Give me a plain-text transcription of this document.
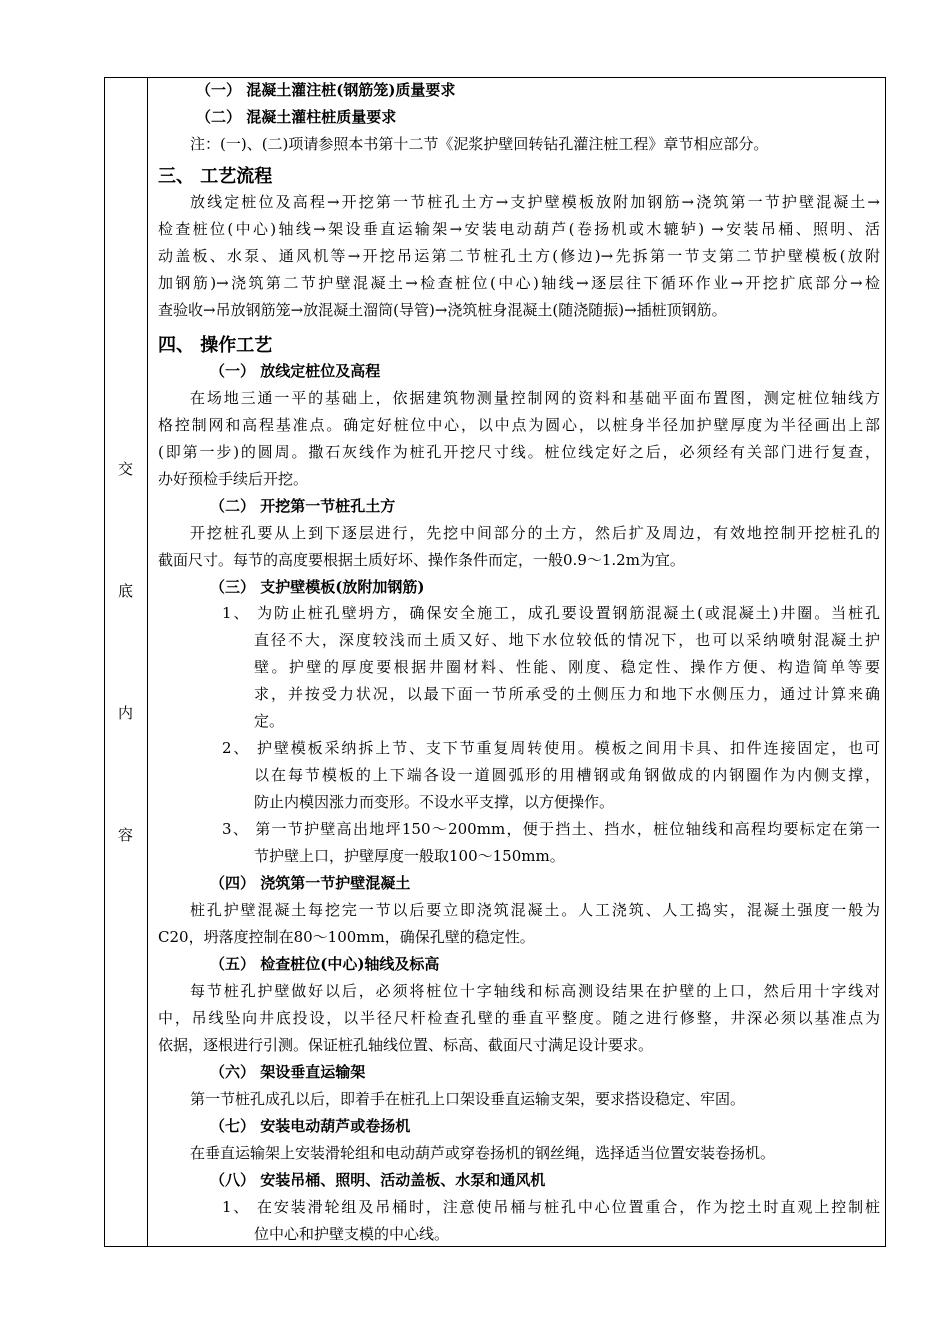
交
底
内
容
（一） 混凝土灌注桩(钢筋笼)质量要求
（二） 混凝土灌柱桩质量要求
注：(一)、(二)项请参照本书第十二节《泥浆护壁回转钻孔灌注桩工程》章节相应部分。
三、 工艺流程
放线定桩位及高程→开挖第一节桩孔土方→支护壁模板放附加钢筋→浇筑第一节护壁混凝土→
检查桩位(中心)轴线→架设垂直运输架→安装电动葫芦(卷扬机或木辘轳) →安装吊桶、照明、活
动盖板、水泵、通风机等→开挖吊运第二节桩孔土方(修边)→先拆第一节支第二节护壁模板(放附
加钢筋)→浇筑第二节护壁混凝土→检查桩位(中心)轴线→逐层往下循环作业→开挖扩底部分→检
查验收→吊放钢筋笼→放混凝土溜筒(导管)→浇筑桩身混凝土(随浇随振)→插桩顶钢筋。
四、 操作工艺
（一） 放线定桩位及高程
在场地三通一平的基础上，依据建筑物测量控制网的资料和基础平面布置图，测定桩位轴线方
格控制网和高程基准点。确定好桩位中心，以中点为圆心，以桩身半径加护壁厚度为半径画出上部
(即第一步)的圆周。撒石灰线作为桩孔开挖尺寸线。桩位线定好之后，必须经有关部门进行复查，
办好预检手续后开挖。
（二） 开挖第一节桩孔土方
开挖桩孔要从上到下逐层进行，先挖中间部分的土方，然后扩及周边，有效地控制开挖桩孔的
截面尺寸。每节的高度要根据土质好坏、操作条件而定，一般0.9～1.2m为宜。
（三） 支护壁模板(放附加钢筋)
1、 为防止桩孔壁坍方，确保安全施工，成孔要设置钢筋混凝土(或混凝土)井圈。当桩孔
直径不大，深度较浅而土质又好、地下水位较低的情况下，也可以采纳喷射混凝土护
壁。护壁的厚度要根据井圈材料、性能、刚度、稳定性、操作方便、构造简单等要
求，并按受力状况，以最下面一节所承受的土侧压力和地下水侧压力，通过计算来确
定。
2、 护壁模板采纳拆上节、支下节重复周转使用。模板之间用卡具、扣件连接固定，也可
以在每节模板的上下端各设一道圆弧形的用槽钢或角钢做成的内钢圈作为内侧支撑，
防止内模因涨力而变形。不设水平支撑，以方便操作。
3、 第一节护壁高出地坪150～200mm，便于挡土、挡水，桩位轴线和高程均要标定在第一
节护壁上口，护壁厚度一般取100～150mm。
（四） 浇筑第一节护壁混凝土
桩孔护壁混凝土每挖完一节以后要立即浇筑混凝土。人工浇筑、人工捣实，混凝土强度一般为
C20，坍落度控制在80～100mm，确保孔壁的稳定性。
（五） 检查桩位(中心)轴线及标高
每节桩孔护壁做好以后，必须将桩位十字轴线和标高测设结果在护壁的上口，然后用十字线对
中，吊线坠向井底投设，以半径尺杆检查孔壁的垂直平整度。随之进行修整，井深必须以基准点为
依据，逐根进行引测。保证桩孔轴线位置、标高、截面尺寸满足设计要求。
（六） 架设垂直运输架
第一节桩孔成孔以后，即着手在桩孔上口架设垂直运输支架，要求搭设稳定、牢固。
（七） 安装电动葫芦或卷扬机
在垂直运输架上安装滑轮组和电动葫芦或穿卷扬机的钢丝绳，选择适当位置安装卷扬机。
（八） 安装吊桶、照明、活动盖板、水泵和通风机
1、 在安装滑轮组及吊桶时，注意使吊桶与桩孔中心位置重合，作为挖土时直观上控制桩
位中心和护壁支模的中心线。
